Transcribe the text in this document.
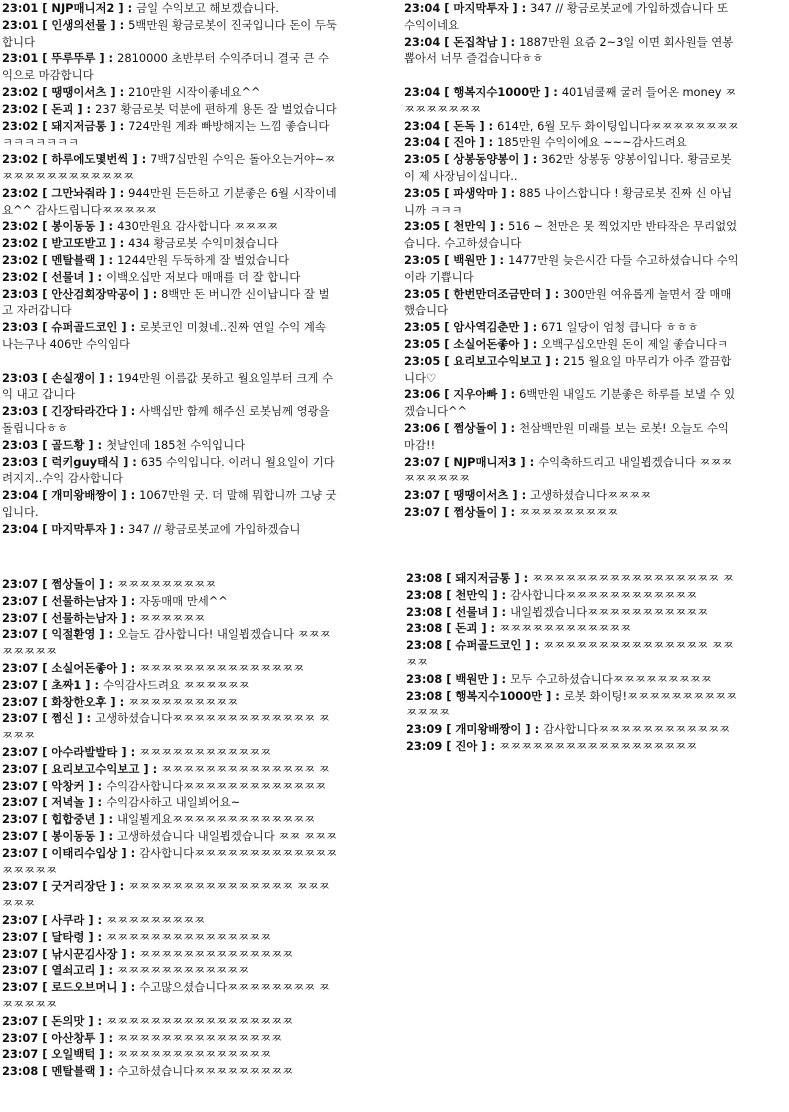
23:01 [ NJP매니저2 ] : 금일 수익보고 해보겠습니다.

23:01 [ 인생의선물 ] : 5백만원 황금로봇이 진국입니다 돈이 두둑합니다

23:01 [ 뚜루뚜루 ] : 2810000 초반부터 수익주더니 결국 큰 수익으로 마감합니다

23:02 [ 땡땡이서츠 ] : 210만원 시작이좋네요^^

23:02 [ 돈괴 ] : 237 황금로봇 덕분에 편하게 용돈 잘 벌었습니다

23:02 [ 돼지저금통 ] : 724만원 계좌 빠방해지는 느낌 좋습니다 ㅋㅋㅋㅋㅋㅋㅋ

23:02 [ 하루에도몇번씩 ] : 7백7십만원 수익은 돌아오는거야~ㅉㅉㅉㅉㅉㅉㅉㅉㅉㅉㅉㅉㅉ

23:02 [ 그만놔줘라 ] : 944만원 든든하고 기분좋은 6월 시작이네요^^ 감사드립니다ㅉㅉㅉㅉㅉ

23:02 [ 봉이동동 ] : 430만원요 감사합니다 ㅉㅉㅉㅉ

23:02 [ 받고또받고 ] : 434 황금로봇 수익미쳤습니다

23:02 [ 멘탈블랙 ] : 1244만원 두둑하게 잘 벌었습니다

23:02 [ 선물녀 ] : 이백오십만 저보다 매매를 더 잘 합니다

23:03 [ 안산검회장막공이 ] : 8백만 돈 버니깐 신이납니다 잘 벌고 자러갑니다

23:03 [ 슈퍼골드코인 ] : 로봇코인 미쳤네..진짜 연일 수익 계속 나는구나 406만 수익임다

23:03 [ 손실쟁이 ] : 194만원 이름값 못하고 월요일부터 크게 수익 내고 갑니다

23:03 [ 긴장타라간다 ] : 사백십만 함께 해주신 로봇님께 영광을 돌립니다ㅎㅎ

23:03 [ 골드황 ] : 첫날인데 185천 수익입니다

23:03 [ 럭키guy태식 ] : 635 수익입니다. 이러니 월요일이 기다려지지..수익 감사합니다

23:04 [ 개미왕배짱이 ] : 1067만원 굿. 더 말해 뭐합니까 그냥 굿입니다.

23:04 [ 마지막투자 ] : 347 // 황금로봇교에 가입하겠습니

23:04 [ 마지막투자 ] : 347 // 황금로봇교에 가입하겠습니다 또 수익이네요

23:04 [ 돈집착남 ] : 1887만원 요즘 2~3일 이면 회사원들 연봉 뽑아서 너무 즐겁습니다ㅎㅎ

23:04 [ 행복지수1000만 ] : 401넘쿨째 굴러 들어온 money ㅉㅉㅉㅉㅉㅉㅉㅉ

23:04 [ 돈독 ] : 614만, 6월 모두 화이팅입니다ㅉㅉㅉㅉㅉㅉㅉㅉ

23:04 [ 진아 ] : 185만원 수익이에요 ~~~감사드려요

23:05 [ 상봉동양봉이 ] : 362만 상봉동 양봉이입니다. 황금로봇이 제 사장님이십니다..

23:05 [ 파생악마 ] : 885 나이스합니다 ! 황금로봇 진짜 신 아닙니까 ㅋㅋㅋ

23:05 [ 천만익 ] : 516 ~ 천만은 못 찍었지만 반타작은 무리없었습니다. 수고하셨습니다

23:05 [ 백원만 ] : 1477만원 늦은시간 다들 수고하셨습니다 수익이라 기쁩니다

23:05 [ 한번만더조금만더 ] : 300만원 여유롭게 놀면서 잘 매매 했습니다

23:05 [ 암사역김춘만 ] : 671 일당이 엄청 큽니다 ㅎㅎㅎ

23:05 [ 소실어돈좋아 ] : 오백구십오만원 돈이 제일 좋습니다ㅋ

23:05 [ 요리보고수익보고 ] : 215 월요일 마무리가 아주 깔끔합니다♡

23:06 [ 지우아빠 ] : 6백만원 내일도 기분좋은 하루를 보낼 수 있겠습니다^^

23:06 [ 쩜상돌이 ] : 천삼백만원 미래를 보는 로봇! 오늘도 수익 마감!!

23:07 [ NJP매니저3 ] : 수익축하드리고 내일뵙겠습니다 ㅉㅉㅉㅉㅉㅉㅉㅉㅉ

23:07 [ 땡땡이서츠 ] : 고생하셨습니다ㅉㅉㅉㅉ

23:07 [ 쩜상돌이 ] : ㅉㅉㅉㅉㅉㅉㅉㅉㅉ

23:07 [ 쩜상돌이 ] : ㅉㅉㅉㅉㅉㅉㅉㅉㅉ

23:07 [ 선물하는남자 ] : 자동매매 만세^^

23:07 [ 선물하는남자 ] : ㅉㅉㅉㅉㅉㅉ

23:07 [ 익절환영 ] : 오늘도 감사합니다! 내일뵙겠습니다 ㅉㅉㅉㅉㅉㅉㅉㅉ

23:07 [ 소실어돈좋아 ] : ㅉㅉㅉㅉㅉㅉㅉㅉㅉㅉㅉㅉㅉㅉㅉ

23:07 [ 초짜1 ] : 수익감사드려요 ㅉㅉㅉㅉㅉㅉ

23:07 [ 화창한오후 ] : ㅉㅉㅉㅉㅉㅉㅉㅉㅉㅉ

23:07 [ 쩜신 ] : 고생하셨습니다ㅉㅉㅉㅉㅉㅉㅉㅉㅉㅉㅉㅉㅉ ㅉㅉㅉㅉ

23:07 [ 아수라발발타 ] : ㅉㅉㅉㅉㅉㅉㅉㅉㅉㅉㅉㅉ

23:07 [ 요리보고수익보고 ] : ㅉㅉㅉㅉㅉㅉㅉㅉㅉㅉㅉㅉㅉㅉ ㅉ

23:07 [ 악창커 ] : 수익감사합니다ㅉㅉㅉㅉㅉㅉㅉㅉㅉㅉㅉㅉㅉ

23:07 [ 저녁놀 ] : 수익감사하고 내일뵈어요~

23:07 [ 힙합중년 ] : 내일뵐게요ㅉㅉㅉㅉㅉㅉㅉㅉㅉㅉㅉㅉㅉ

23:07 [ 봉이동동 ] : 고생하셨습니다 내일뵙겠습니다 ㅉㅉ ㅉㅉㅉ

23:07 [ 이태리수입상 ] : 감사합니다ㅉㅉㅉㅉㅉㅉㅉㅉㅉㅉㅉㅉㅉ ㅉㅉㅉㅉㅉ

23:07 [ 굿거리장단 ] : ㅉㅉㅉㅉㅉㅉㅉㅉㅉㅉㅉㅉㅉㅉㅉ ㅉㅉㅉㅉㅉㅉ

23:07 [ 사쿠라 ] : ㅉㅉㅉㅉㅉㅉㅉㅉㅉ

23:07 [ 달타령 ] : ㅉㅉㅉㅉㅉㅉㅉㅉㅉㅉㅉㅉㅉㅉㅉ

23:07 [ 낚시꾼김사장 ] : ㅉㅉㅉㅉㅉㅉㅉㅉㅉㅉㅉㅉㅉㅉ

23:07 [ 열쇠고리 ] : ㅉㅉㅉㅉㅉㅉㅉㅉㅉㅉㅉㅉ

23:07 [ 로드오브머니 ] : 수고많으셨습니다ㅉㅉㅉㅉㅉㅉㅉㅉ ㅉㅉㅉㅉㅉㅉ

23:07 [ 돈의맛 ] : ㅉㅉㅉㅉㅉㅉㅉㅉㅉㅉㅉㅉㅉㅉㅉㅉㅉ

23:07 [ 아산창투 ] : ㅉㅉㅉㅉㅉㅉㅉㅉㅉㅉㅉㅉㅉㅉㅉ

23:07 [ 오일백턱 ] : ㅉㅉㅉㅉㅉㅉㅉㅉㅉㅉㅉㅉㅉㅉ

23:08 [ 멘탈블랙 ] : 수고하셨습니다ㅉㅉㅉㅉㅉㅉㅉㅉㅉ

23:08 [ 돼지저금통 ] : ㅉㅉㅉㅉㅉㅉㅉㅉㅉㅉㅉㅉㅉㅉㅉㅉㅉ ㅉ

23:08 [ 천만익 ] : 감사합니다ㅉㅉㅉㅉㅉㅉㅉㅉㅉㅉㅉㅉ

23:08 [ 선물녀 ] : 내일뵙겠습니다ㅉㅉㅉㅉㅉㅉㅉㅉㅉㅉㅉ

23:08 [ 돈괴 ] : ㅉㅉㅉㅉㅉㅉㅉㅉㅉㅉㅉㅉ

23:08 [ 슈퍼골드코인 ] : ㅉㅉㅉㅉㅉㅉㅉㅉㅉㅉㅉㅉㅉㅉㅉ ㅉㅉㅉㅉ

23:08 [ 백원만 ] : 모두 수고하셨습니다ㅉㅉㅉㅉㅉㅉㅉㅉㅉ

23:08 [ 행복지수1000만 ] : 로봇 화이팅!ㅉㅉㅉㅉㅉㅉㅉㅉㅉㅉ ㅉㅉㅉㅉ

23:09 [ 개미왕배짱이 ] : 감사합니다ㅉㅉㅉㅉㅉㅉㅉㅉㅉㅉㅉㅉ

23:09 [ 진아 ] : ㅉㅉㅉㅉㅉㅉㅉㅉㅉㅉㅉㅉㅉㅉㅉㅉㅉㅉ
